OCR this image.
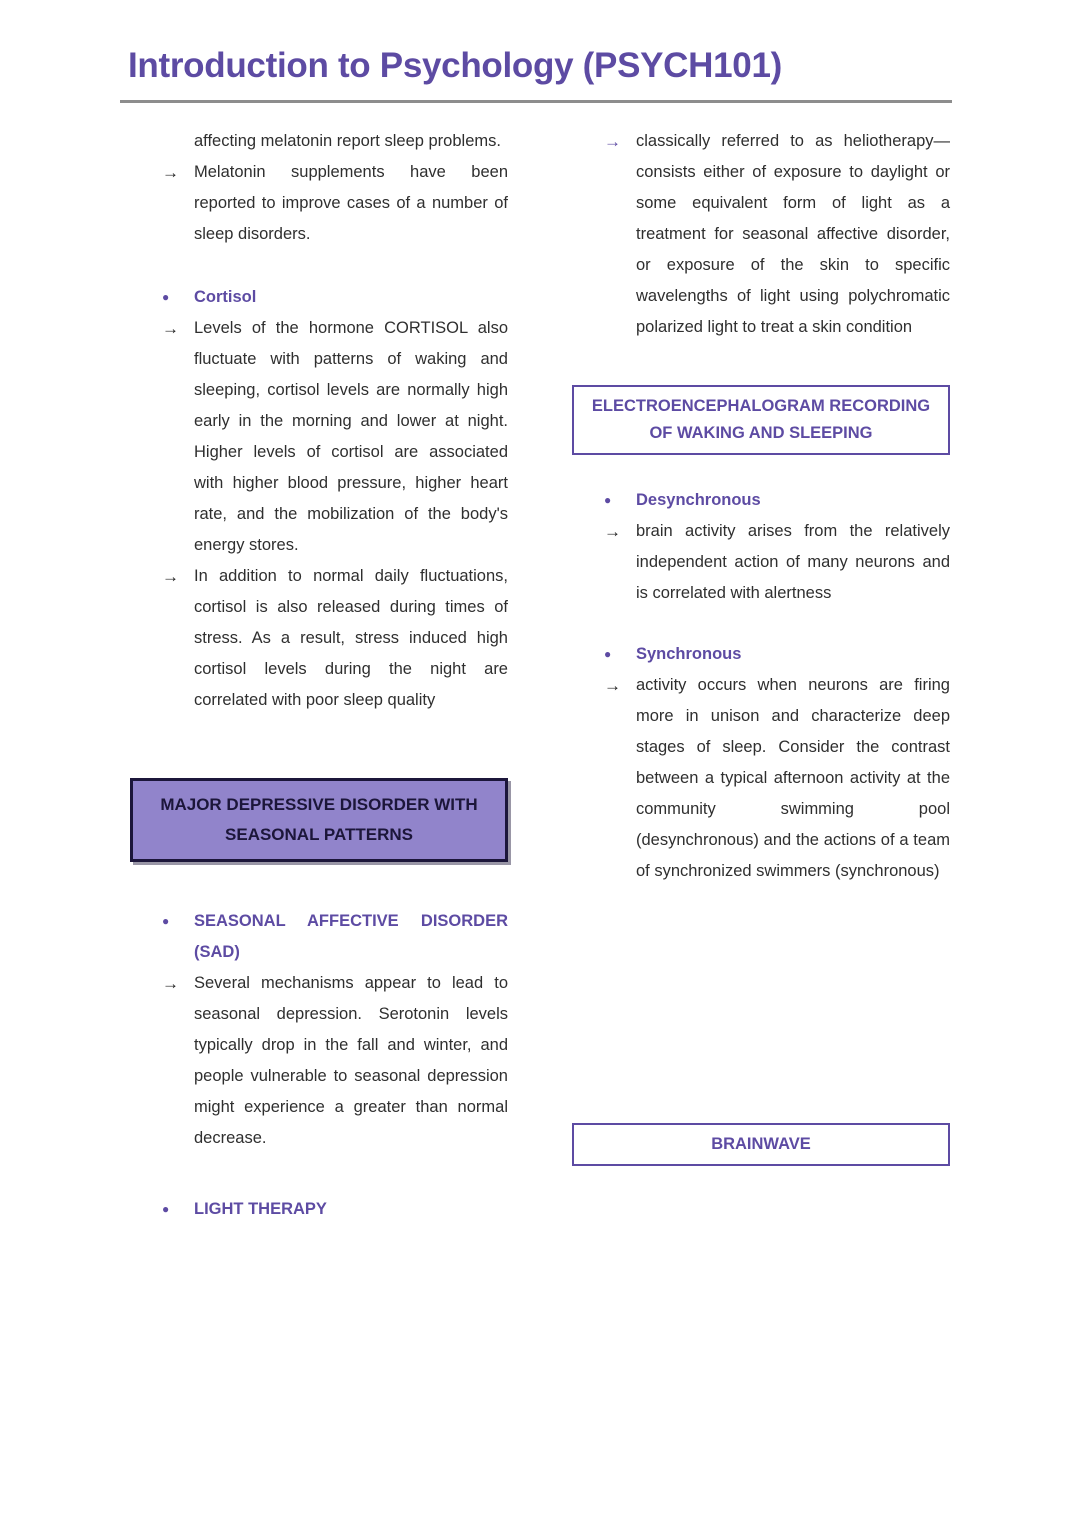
Introduction to Psychology (PSYCH101)
affecting melatonin report sleep problems.
→ Melatonin supplements have been reported to improve cases of a number of sleep disorders.
●	Cortisol
→ Levels of the hormone CORTISOL also fluctuate with patterns of waking and sleeping, cortisol levels are normally high early in the morning and lower at night. Higher levels of cortisol are associated with higher blood pressure, higher heart rate, and the mobilization of the body's energy stores.
→ In addition to normal daily fluctuations, cortisol is also released during times of stress. As a result, stress induced high cortisol levels during the night are correlated with poor sleep quality
MAJOR DEPRESSIVE DISORDER WITH SEASONAL PATTERNS
●	SEASONAL AFFECTIVE DISORDER (SAD)
→ Several mechanisms appear to lead to seasonal depression. Serotonin levels typically drop in the fall and winter, and people vulnerable to seasonal depression might experience a greater than normal decrease.
●	LIGHT THERAPY
→ classically referred to as heliotherapy—consists either of exposure to daylight or some equivalent form of light as a treatment for seasonal affective disorder, or exposure of the skin to specific wavelengths of light using polychromatic polarized light to treat a skin condition
ELECTROENCEPHALOGRAM RECORDING OF WAKING AND SLEEPING
●	Desynchronous
→ brain activity arises from the relatively independent action of many neurons and is correlated with alertness
●	Synchronous
→ activity occurs when neurons are firing more in unison and characterize deep stages of sleep. Consider the contrast between a typical afternoon activity at the community swimming pool (desynchronous) and the actions of a team of synchronized swimmers (synchronous)
BRAINWAVE
